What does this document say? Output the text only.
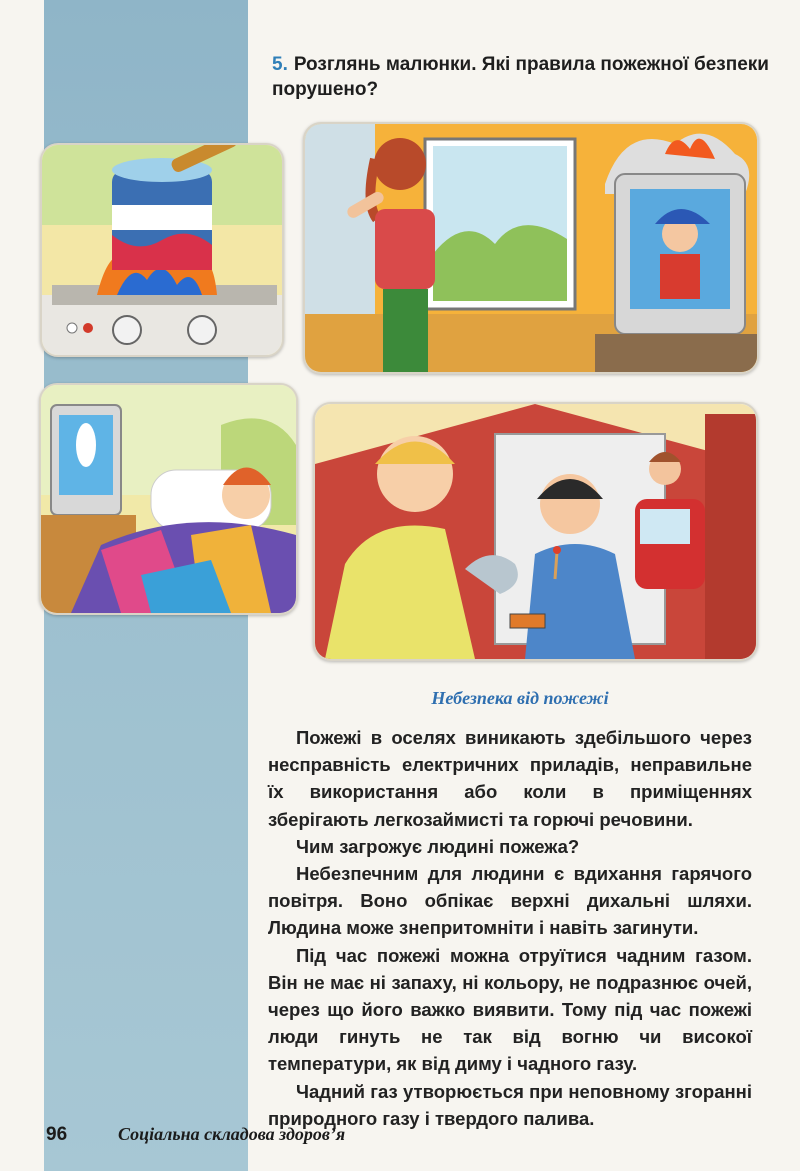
5. Розглянь малюнки. Які правила пожежної безпеки порушено?
Небезпека від пожежі

Пожежі в оселях виникають здебільшого через несправність електричних приладів, неправильне їх використання або коли в приміщеннях зберігають легкозаймисті та горючі речовини.

Чим загрожує людині пожежа?

Небезпечним для людини є вдихання гарячого повітря. Воно обпікає верхні дихальні шляхи. Людина може знепритомніти і навіть загинути.

Під час пожежі можна отруїтися чадним газом. Він не має ні запаху, ні кольору, не подразнює очей, через що його важко виявити. Тому під час пожежі люди гинуть не так від вогню чи високої температури, як від диму і чадного газу.

Чадний газ утворюється при неповному згоранні природного газу і твердого палива.

96	Соціальна складова здоров’я
